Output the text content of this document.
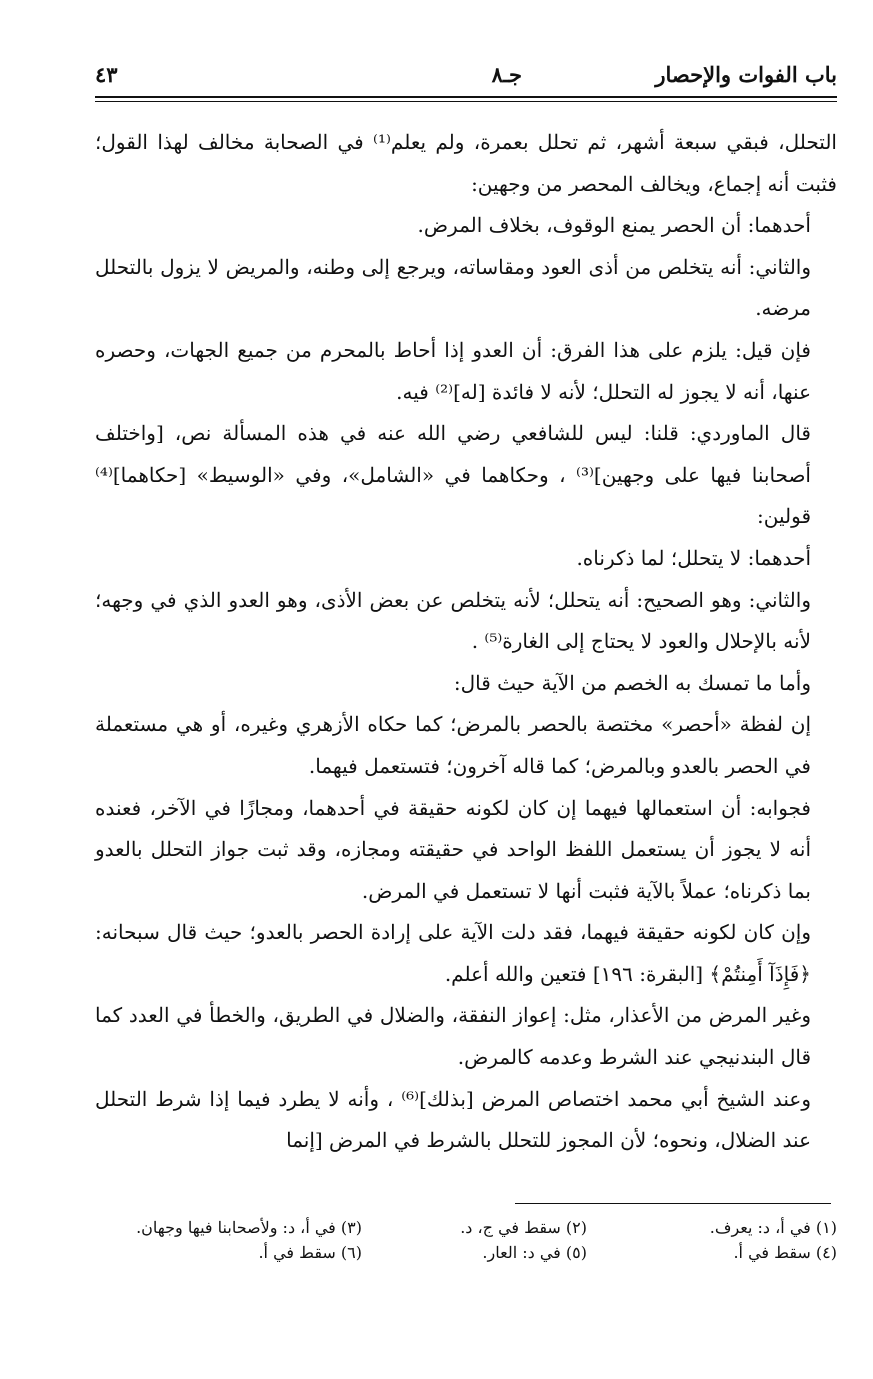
باب الفوات والإحصار
جـ٨
٤٣

التحلل، فبقي سبعة أشهر، ثم تحلل بعمرة، ولم يعلم⁽¹⁾ في الصحابة مخالف لهذا القول؛ فثبت أنه إجماع، ويخالف المحصر من وجهين:

أحدهما: أن الحصر يمنع الوقوف، بخلاف المرض.

والثاني: أنه يتخلص من أذى العود ومقاساته، ويرجع إلى وطنه، والمريض لا يزول بالتحلل مرضه.

فإن قيل: يلزم على هذا الفرق: أن العدو إذا أحاط بالمحرم من جميع الجهات، وحصره عنها، أنه لا يجوز له التحلل؛ لأنه لا فائدة [له]⁽²⁾ فيه.

قال الماوردي: قلنا: ليس للشافعي رضي الله عنه في هذه المسألة نص، [واختلف أصحابنا فيها على وجهين]⁽³⁾ ، وحكاهما في «الشامل»، وفي «الوسيط» [حكاهما]⁽⁴⁾ قولين:

أحدهما: لا يتحلل؛ لما ذكرناه.

والثاني: وهو الصحيح: أنه يتحلل؛ لأنه يتخلص عن بعض الأذى، وهو العدو الذي في وجهه؛ لأنه بالإحلال والعود لا يحتاج إلى الغارة⁽⁵⁾ .

وأما ما تمسك به الخصم من الآية حيث قال:

إن لفظة «أحصر» مختصة بالحصر بالمرض؛ كما حكاه الأزهري وغيره، أو هي مستعملة في الحصر بالعدو وبالمرض؛ كما قاله آخرون؛ فتستعمل فيهما.

فجوابه: أن استعمالها فيهما إن كان لكونه حقيقة في أحدهما، ومجازًا في الآخر، فعنده أنه لا يجوز أن يستعمل اللفظ الواحد في حقيقته ومجازه، وقد ثبت جواز التحلل بالعدو بما ذكرناه؛ عملاً بالآية فثبت أنها لا تستعمل في المرض.

وإن كان لكونه حقيقة فيهما، فقد دلت الآية على إرادة الحصر بالعدو؛ حيث قال سبحانه: ﴿فَإِذَآ أَمِنتُمْ﴾ [البقرة: ١٩٦] فتعين والله أعلم.

وغير المرض من الأعذار، مثل: إعواز النفقة، والضلال في الطريق، والخطأ في العدد كما قال البندنيجي عند الشرط وعدمه كالمرض.

وعند الشيخ أبي محمد اختصاص المرض [بذلك]⁽⁶⁾ ، وأنه لا يطرد فيما إذا شرط التحلل عند الضلال، ونحوه؛ لأن المجوز للتحلل بالشرط في المرض [إنما

(١) في أ، د: يعرف.
(٢) سقط في ج، د.
(٣) في أ، د: ولأصحابنا فيها وجهان.
(٤) سقط في أ.
(٥) في د: العار.
(٦) سقط في أ.
